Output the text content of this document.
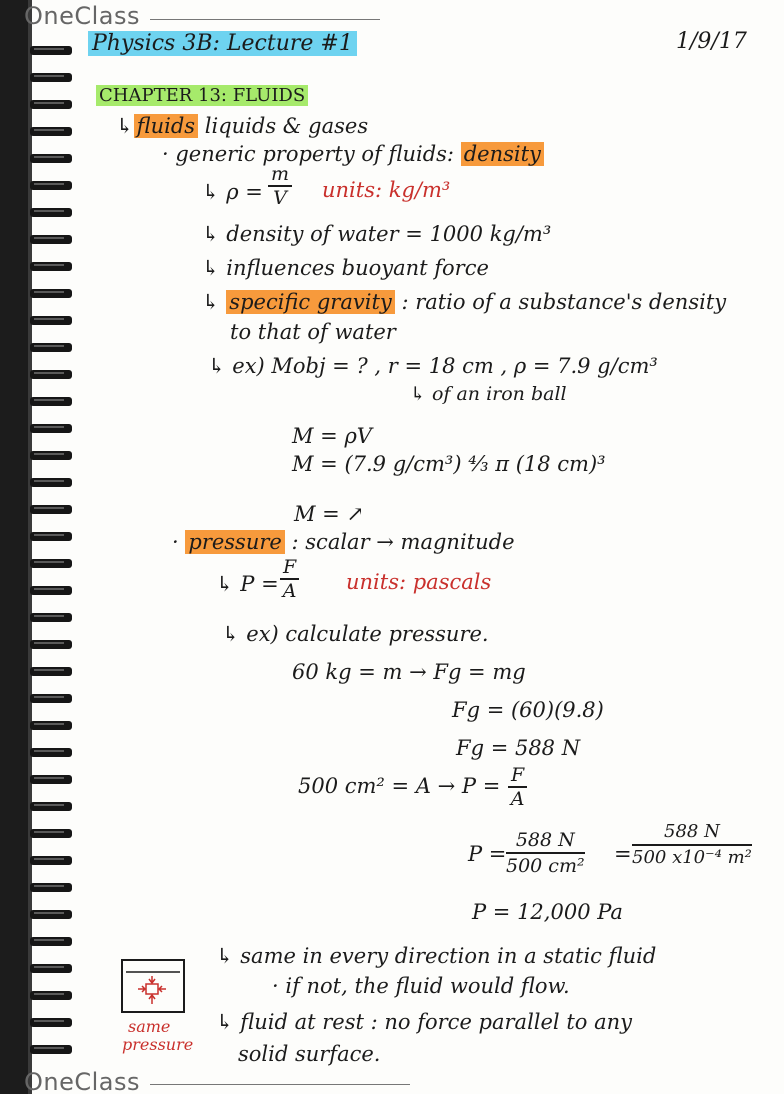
OneClass
Physics 3B: Lecture #1	1/9/17
CHAPTER 13: FLUIDS
↳ fluids liquids & gases
· generic property of fluids: density
↳ $\rho = \frac{m}{V}$ units: kg/m³
↳ density of water = 1000 kg/m³
↳ influences buoyant force
↳ specific gravity : ratio of a substance's density
to that of water
↳ ex) Mobj = ? , r = 18 cm , ρ = 7.9 g/cm³
↳ of an iron ball
M = ρV
M = (7.9 g/cm³) ⁴⁄₃ π (18 cm)³
M = ↗
· pressure : scalar → magnitude
↳ $P = \frac{F}{A}$ units: pascals
↳ ex) calculate pressure.
60 kg = m → Fg = mg
Fg = (60)(9.8)
Fg = 588 N
500 $cm^2 = A \to P = \frac{F}{A}$
$P = \frac{588 N}{\text{500 cm²}} = \frac{588 N}{\text{500 x10⁻⁴ m²}}$
P = 12,000 Pa
↳ same in every direction in a static fluid
· if not, the fluid would flow.
↳ fluid at rest : no force parallel to any
solid surface.
same
pressure
OneClass
